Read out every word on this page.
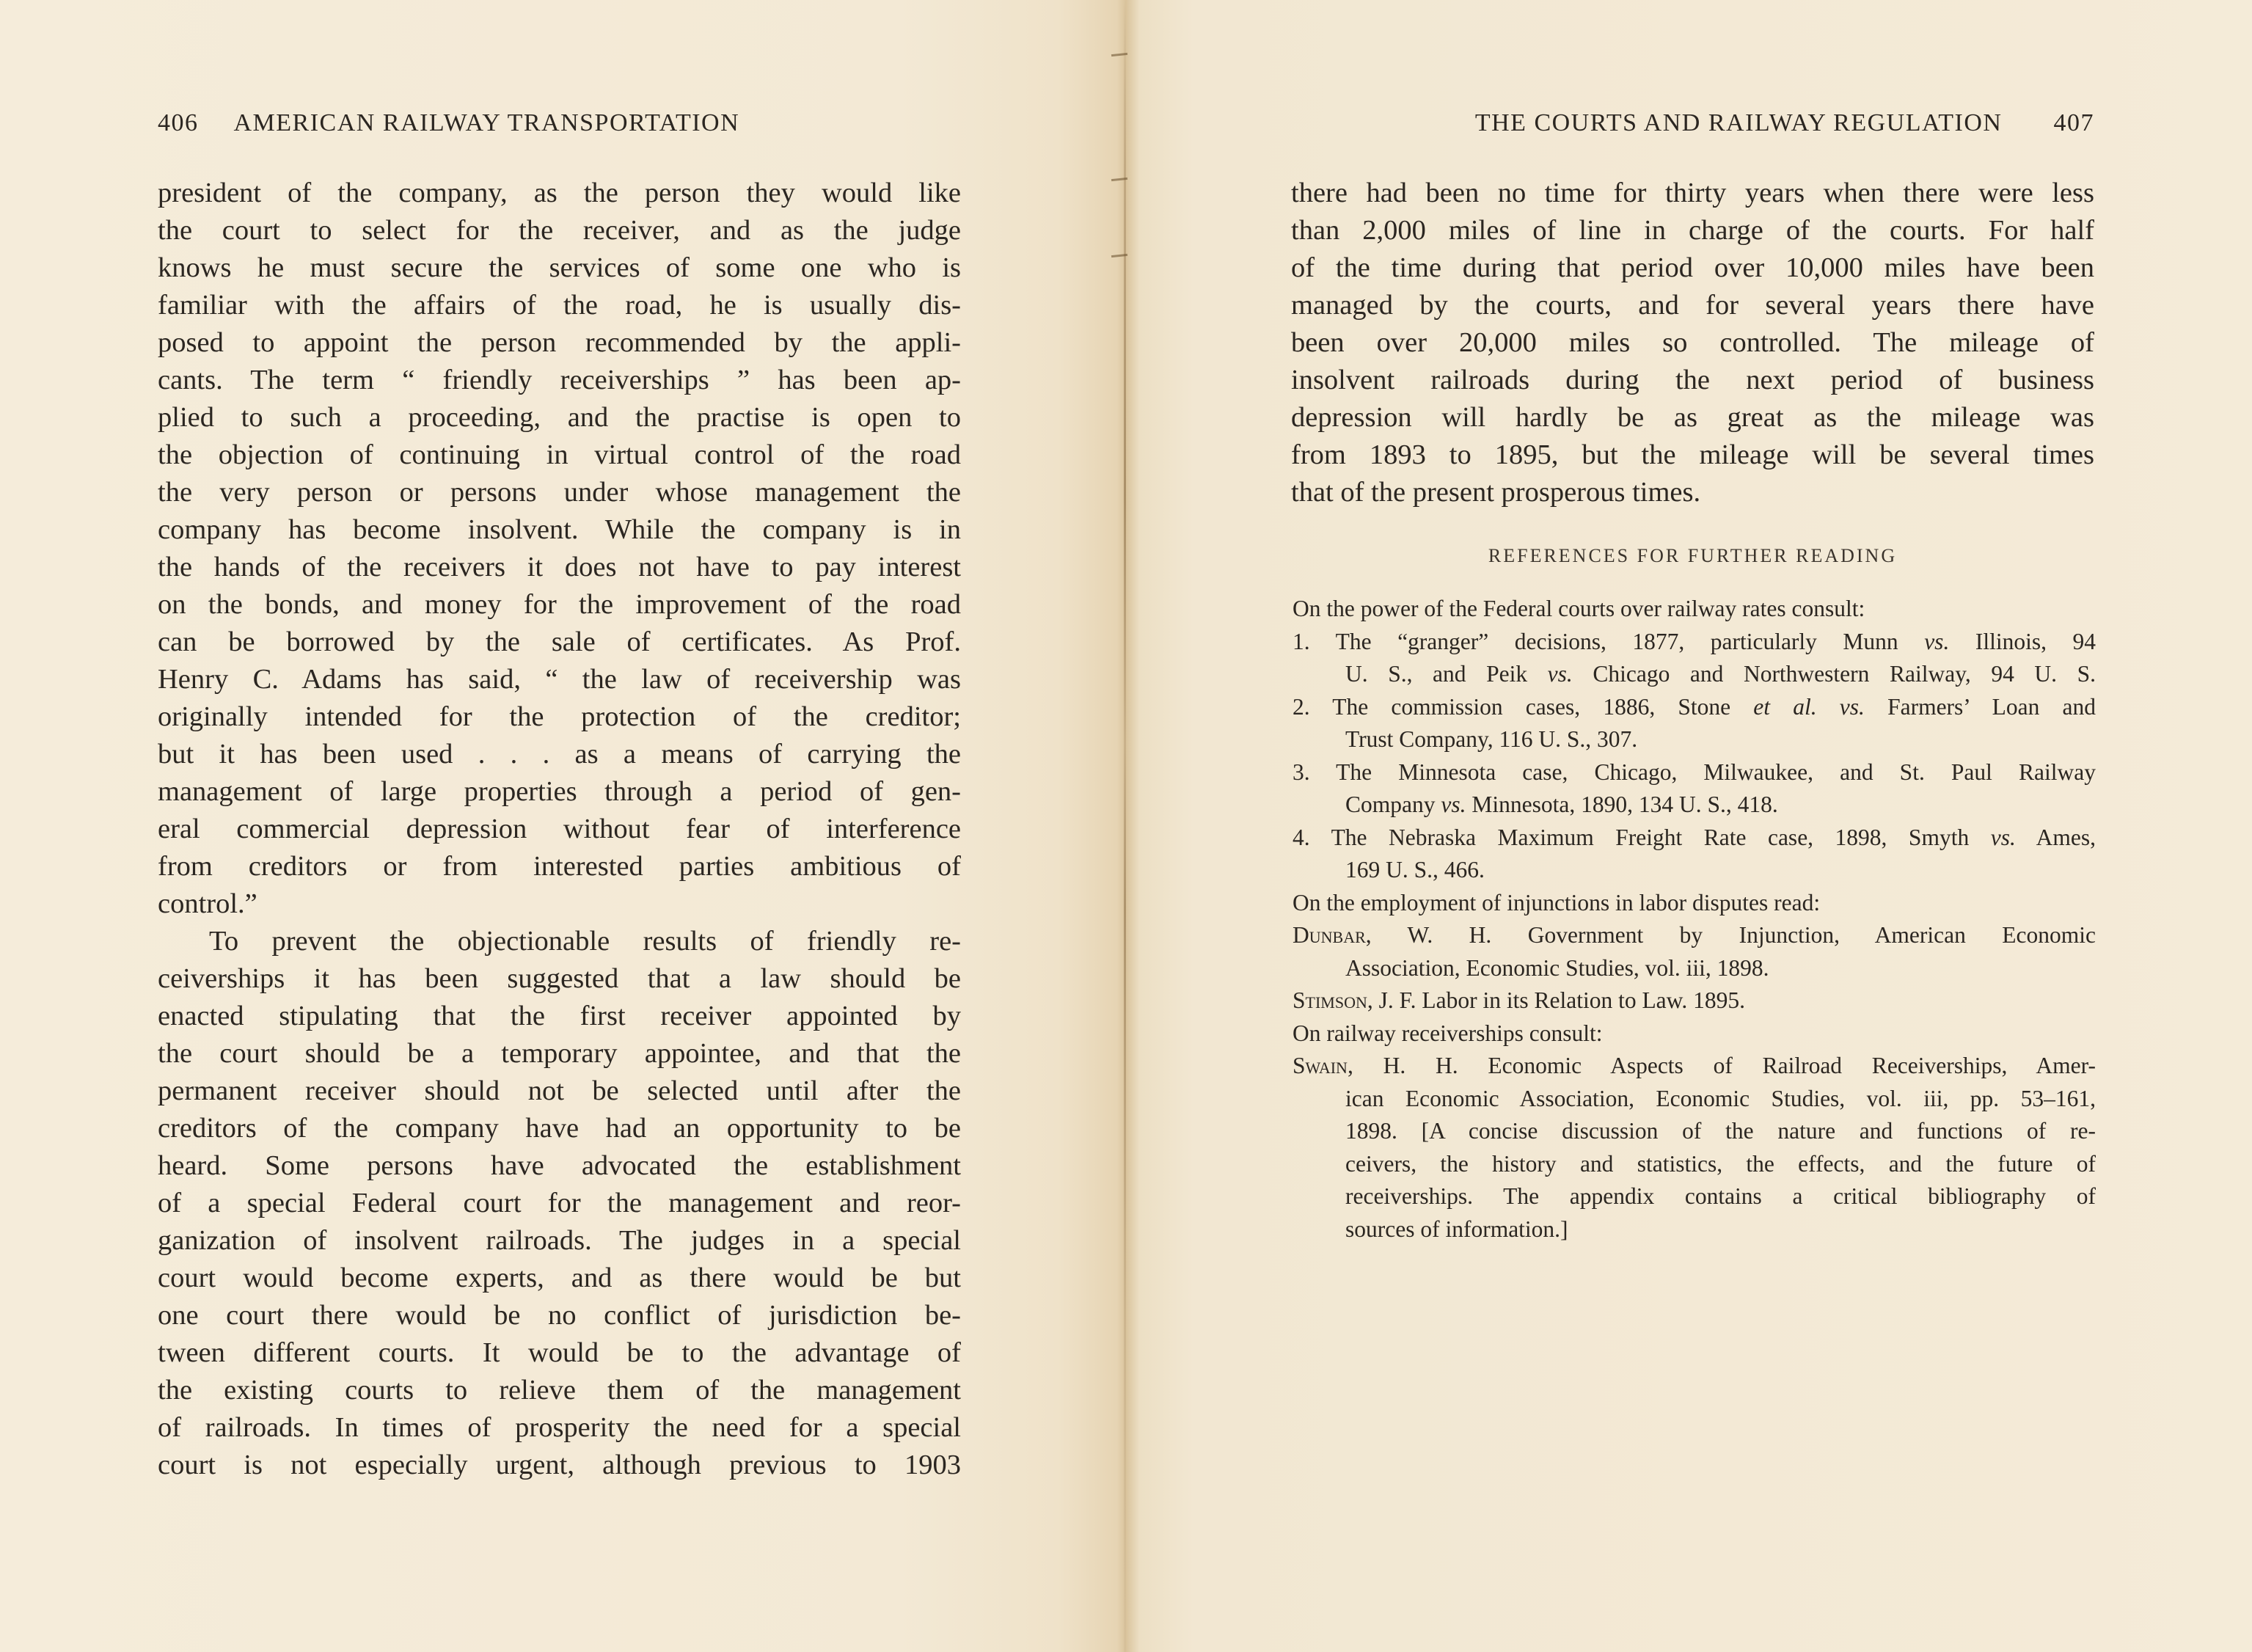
406 AMERICAN RAILWAY TRANSPORTATION
president of the company, as the person they would like
the court to select for the receiver, and as the judge
knows he must secure the services of some one who is
familiar with the affairs of the road, he is usually dis-
posed to appoint the person recommended by the appli-
cants. The term “ friendly receiverships ” has been ap-
plied to such a proceeding, and the practise is open to
the objection of continuing in virtual control of the road
the very person or persons under whose management the
company has become insolvent. While the company is in
the hands of the receivers it does not have to pay interest
on the bonds, and money for the improvement of the road
can be borrowed by the sale of certificates. As Prof.
Henry C. Adams has said, “ the law of receivership was
originally intended for the protection of the creditor;
but it has been used . . . as a means of carrying the
management of large properties through a period of gen-
eral commercial depression without fear of interference
from creditors or from interested parties ambitious of
control.”
To prevent the objectionable results of friendly re-
ceiverships it has been suggested that a law should be
enacted stipulating that the first receiver appointed by
the court should be a temporary appointee, and that the
permanent receiver should not be selected until after the
creditors of the company have had an opportunity to be
heard. Some persons have advocated the establishment
of a special Federal court for the management and reor-
ganization of insolvent railroads. The judges in a special
court would become experts, and as there would be but
one court there would be no conflict of jurisdiction be-
tween different courts. It would be to the advantage of
the existing courts to relieve them of the management
of railroads. In times of prosperity the need for a special
court is not especially urgent, although previous to 1903
THE COURTS AND RAILWAY REGULATION 407
there had been no time for thirty years when there were less
than 2,000 miles of line in charge of the courts. For half
of the time during that period over 10,000 miles have been
managed by the courts, and for several years there have
been over 20,000 miles so controlled. The mileage of
insolvent railroads during the next period of business
depression will hardly be as great as the mileage was
from 1893 to 1895, but the mileage will be several times
that of the present prosperous times.
REFERENCES FOR FURTHER READING
On the power of the Federal courts over railway rates consult:
1. The “granger” decisions, 1877, particularly Munn vs. Illinois, 94
U. S., and Peik vs. Chicago and Northwestern Railway, 94 U. S.
2. The commission cases, 1886, Stone et al. vs. Farmers’ Loan and
Trust Company, 116 U. S., 307.
3. The Minnesota case, Chicago, Milwaukee, and St. Paul Railway
Company vs. Minnesota, 1890, 134 U. S., 418.
4. The Nebraska Maximum Freight Rate case, 1898, Smyth vs. Ames,
169 U. S., 466.
On the employment of injunctions in labor disputes read:
Dunbar, W. H. Government by Injunction, American Economic
Association, Economic Studies, vol. iii, 1898.
Stimson, J. F. Labor in its Relation to Law. 1895.
On railway receiverships consult:
Swain, H. H. Economic Aspects of Railroad Receiverships, Amer-
ican Economic Association, Economic Studies, vol. iii, pp. 53–161,
1898. [A concise discussion of the nature and functions of re-
ceivers, the history and statistics, the effects, and the future of
receiverships. The appendix contains a critical bibliography of
sources of information.]
